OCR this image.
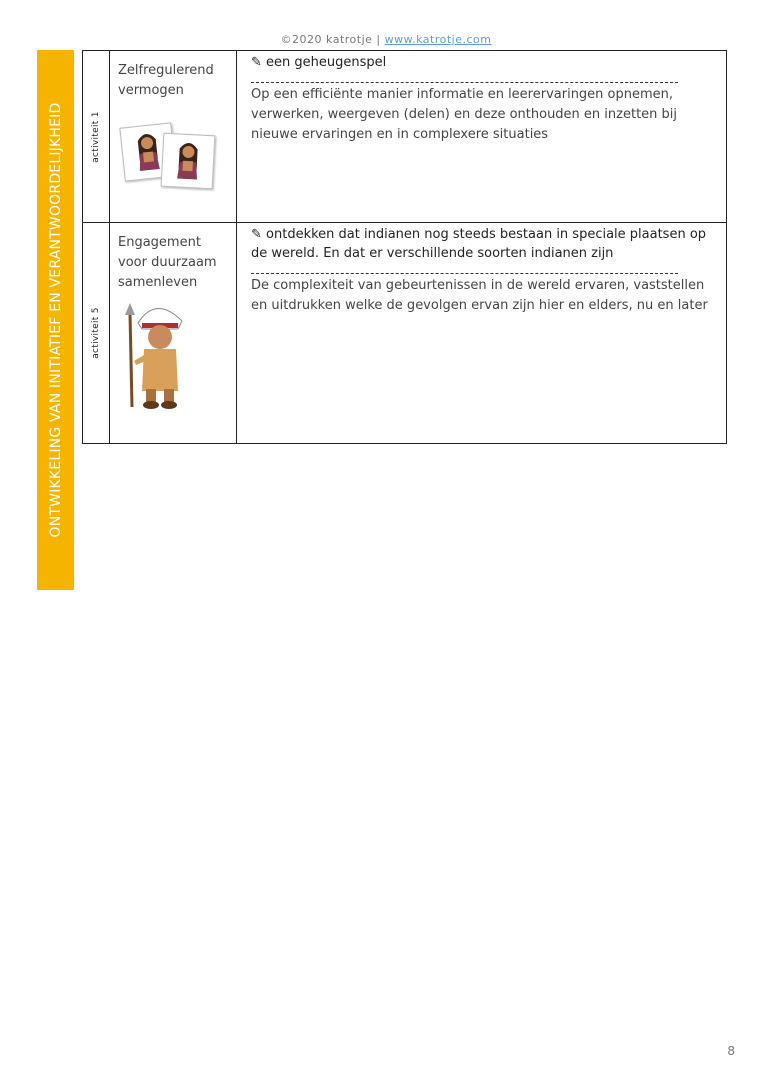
©2020 katrotje | www.katrotje.com
ONTWIKKELING VAN INITIATIEF EN VERANTWOORDELIJKHEID	activiteit 1	Zelfregulerend vermogen	✎ een geheugenspel
Op een efficiënte manier informatie en leerervaringen opnemen, verwerken, weergeven (delen) en deze onthouden en inzetten bij nieuwe ervaringen en in complexere situaties

activiteit 5	Engagement voor duurzaam samenleven	✎ ontdekken dat indianen nog steeds bestaan in speciale plaatsen op de wereld. En dat er verschillende soorten indianen zijn
De complexiteit van gebeurtenissen in de wereld ervaren, vaststellen en uitdrukken welke de gevolgen ervan zijn hier en elders, nu en later
8
